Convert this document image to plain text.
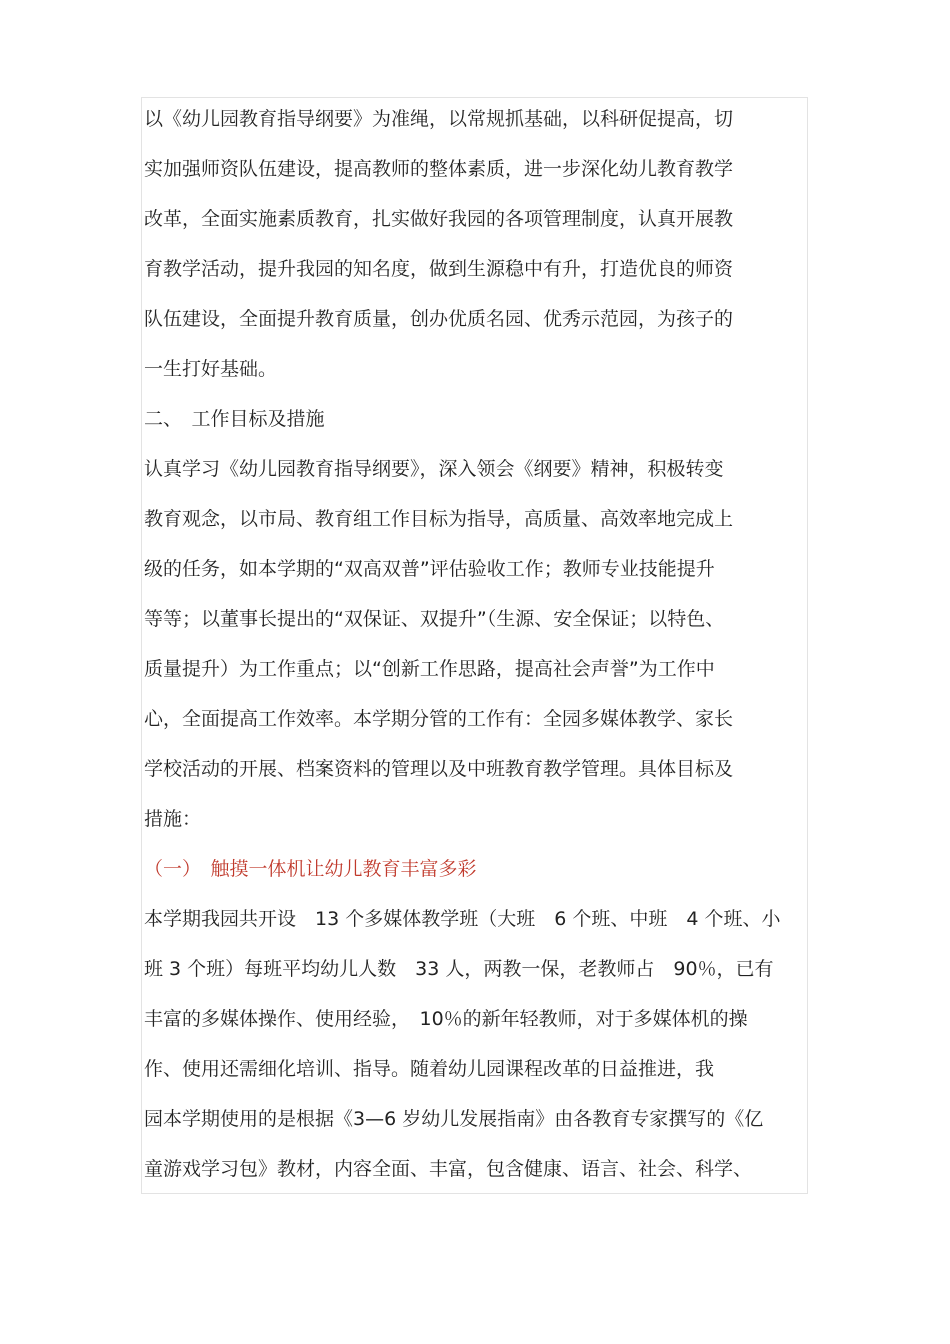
以《幼儿园教育指导纲要》为准绳，以常规抓基础，以科研促提高，切
实加强师资队伍建设，提高教师的整体素质，进一步深化幼儿教育教学
改革，全面实施素质教育，扎实做好我园的各项管理制度，认真开展教
育教学活动，提升我园的知名度，做到生源稳中有升，打造优良的师资
队伍建设，全面提升教育质量，创办优质名园、优秀示范园，为孩子的
一生打好基础。
二、　工作目标及措施
认真学习《幼儿园教育指导纲要》，深入领会《纲要》精神，积极转变
教育观念，以市局、教育组工作目标为指导，高质量、高效率地完成上
级的任务，如本学期的“双高双普”评估验收工作；教师专业技能提升
等等；以董事长提出的“双保证、双提升”（生源、安全保证；以特色、
质量提升）为工作重点；以“创新工作思路，提高社会声誉”为工作中
心，全面提高工作效率。本学期分管的工作有：全园多媒体教学、家长
学校活动的开展、档案资料的管理以及中班教育教学管理。具体目标及
措施：
（一）　触摸一体机让幼儿教育丰富多彩
本学期我园共开设　13 个多媒体教学班（大班　6 个班、中班　4 个班、小
班 3 个班）每班平均幼儿人数　33 人，两教一保，老教师占　90％，已有
丰富的多媒体操作、使用经验，　10％的新年轻教师，对于多媒体机的操
作、使用还需细化培训、指导。随着幼儿园课程改革的日益推进，我
园本学期使用的是根据《3—6 岁幼儿发展指南》由各教育专家撰写的《亿
童游戏学习包》教材，内容全面、丰富，包含健康、语言、社会、科学、
